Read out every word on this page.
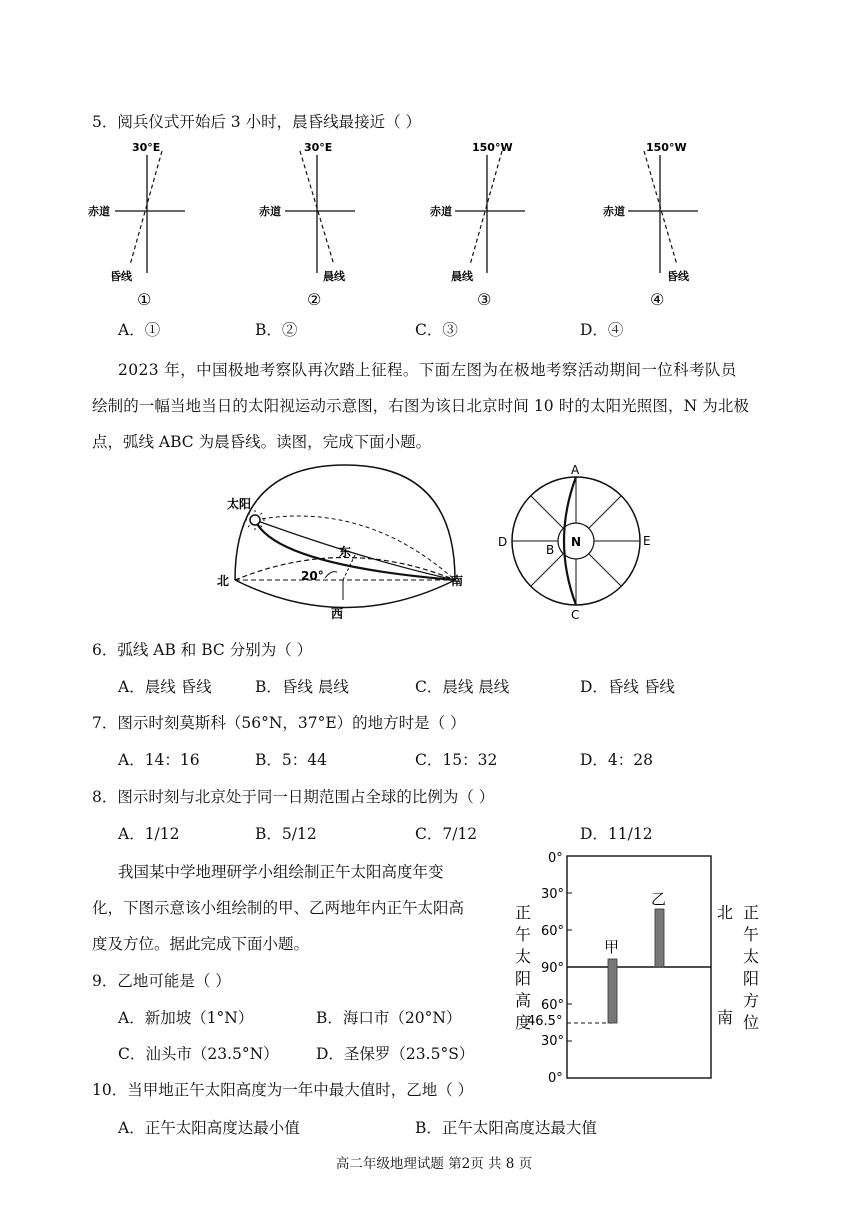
5．阅兵仪式开始后 3 小时，晨昏线最接近（ ）
30°E
赤道
昏线
①
30°E
赤道
晨线
②
150°W
赤道
晨线
③
150°W
赤道
昏线
④
A．①	B．②	C．③	D．④
2023 年，中国极地考察队再次踏上征程。下面左图为在极地考察活动期间一位科考队员
绘制的一幅当地当日的太阳视运动示意图，右图为该日北京时间 10 时的太阳光照图，N 为北极
点，弧线 ABC 为晨昏线。读图，完成下面小题。
太阳
东
北	南
西
20°
A
C
D	E
B
N
6．弧线 AB 和 BC 分别为（ ）
A．晨线 昏线	B．昏线 晨线	C．晨线 晨线	D．昏线 昏线
7．图示时刻莫斯科（56°N，37°E）的地方时是（ ）
A．14：16	B．5：44	C．15：32	D．4：28
8．图示时刻与北京处于同一日期范围占全球的比例为（ ）
A．1/12	B．5/12	C．7/12	D．11/12
我国某中学地理研学小组绘制正午太阳高度年变
化，下图示意该小组绘制的甲、乙两地年内正午太阳高
度及方位。据此完成下面小题。
0°
30°
60°
90°
60°
46.5°
30°
0°
甲
乙
正
午
太
阳
高
度
北
南
正
午
太
阳
方
位
9．乙地可能是（ ）
A．新加坡（1°N）	B．海口市（20°N）
C．汕头市（23.5°N） D．圣保罗（23.5°S）
10．当甲地正午太阳高度为一年中最大值时，乙地（ ）
A．正午太阳高度达最小值	B．正午太阳高度达最大值
高二年级地理试题 第2页 共 8 页
